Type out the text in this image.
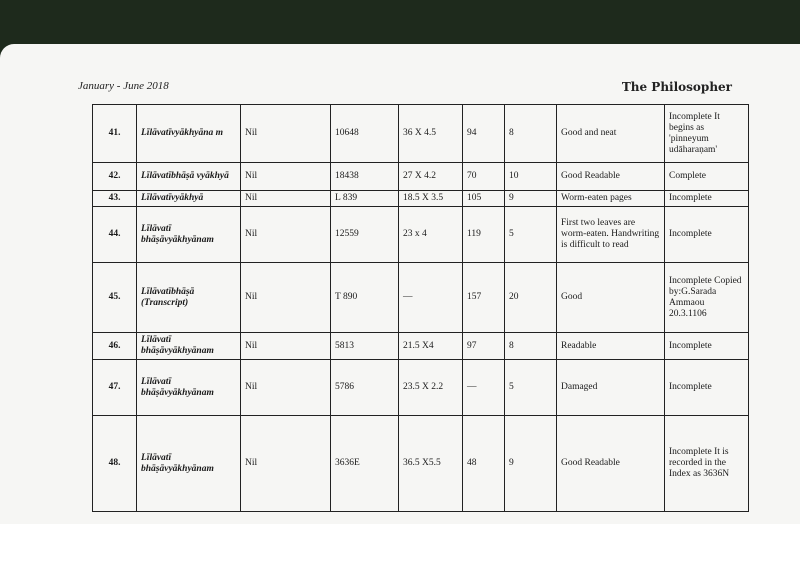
January - June 2018	The Philosopher
41.	Līlāvatīvyākhyāna m	Nil	10648	36 X 4.5	94	8	Good and neat	Incomplete It begins as 'pinneyum udāharaṇam'
42.	Līlāvatībhāṣā vyākhyā	Nil	18438	27 X 4.2	70	10	Good Readable	Complete
43.	Līlāvatīvyākhyā	Nil	L 839	18.5 X 3.5	105	9	Worm-eaten pages	Incomplete
44.	Līlāvatī bhāṣāvyākhyānam	Nil	12559	23 x 4	119	5	First two leaves are worm-eaten. Handwriting is difficult to read	Incomplete
45.	Līlāvatībhāṣā (Transcript)	Nil	T 890	—	157	20	Good	Incomplete Copied by:G.Sarada Ammaou 20.3.1106
46.	Līlāvatī bhāṣāvyākhyānam	Nil	5813	21.5 X4	97	8	Readable	Incomplete
47.	Līlāvatī bhāṣāvyākhyānam	Nil	5786	23.5 X 2.2	—	5	Damaged	Incomplete
48.	Līlāvatī bhāṣāvyākhyānam	Nil	3636E	36.5 X5.5	48	9	Good Readable	Incomplete It is recorded in the Index as 3636N
